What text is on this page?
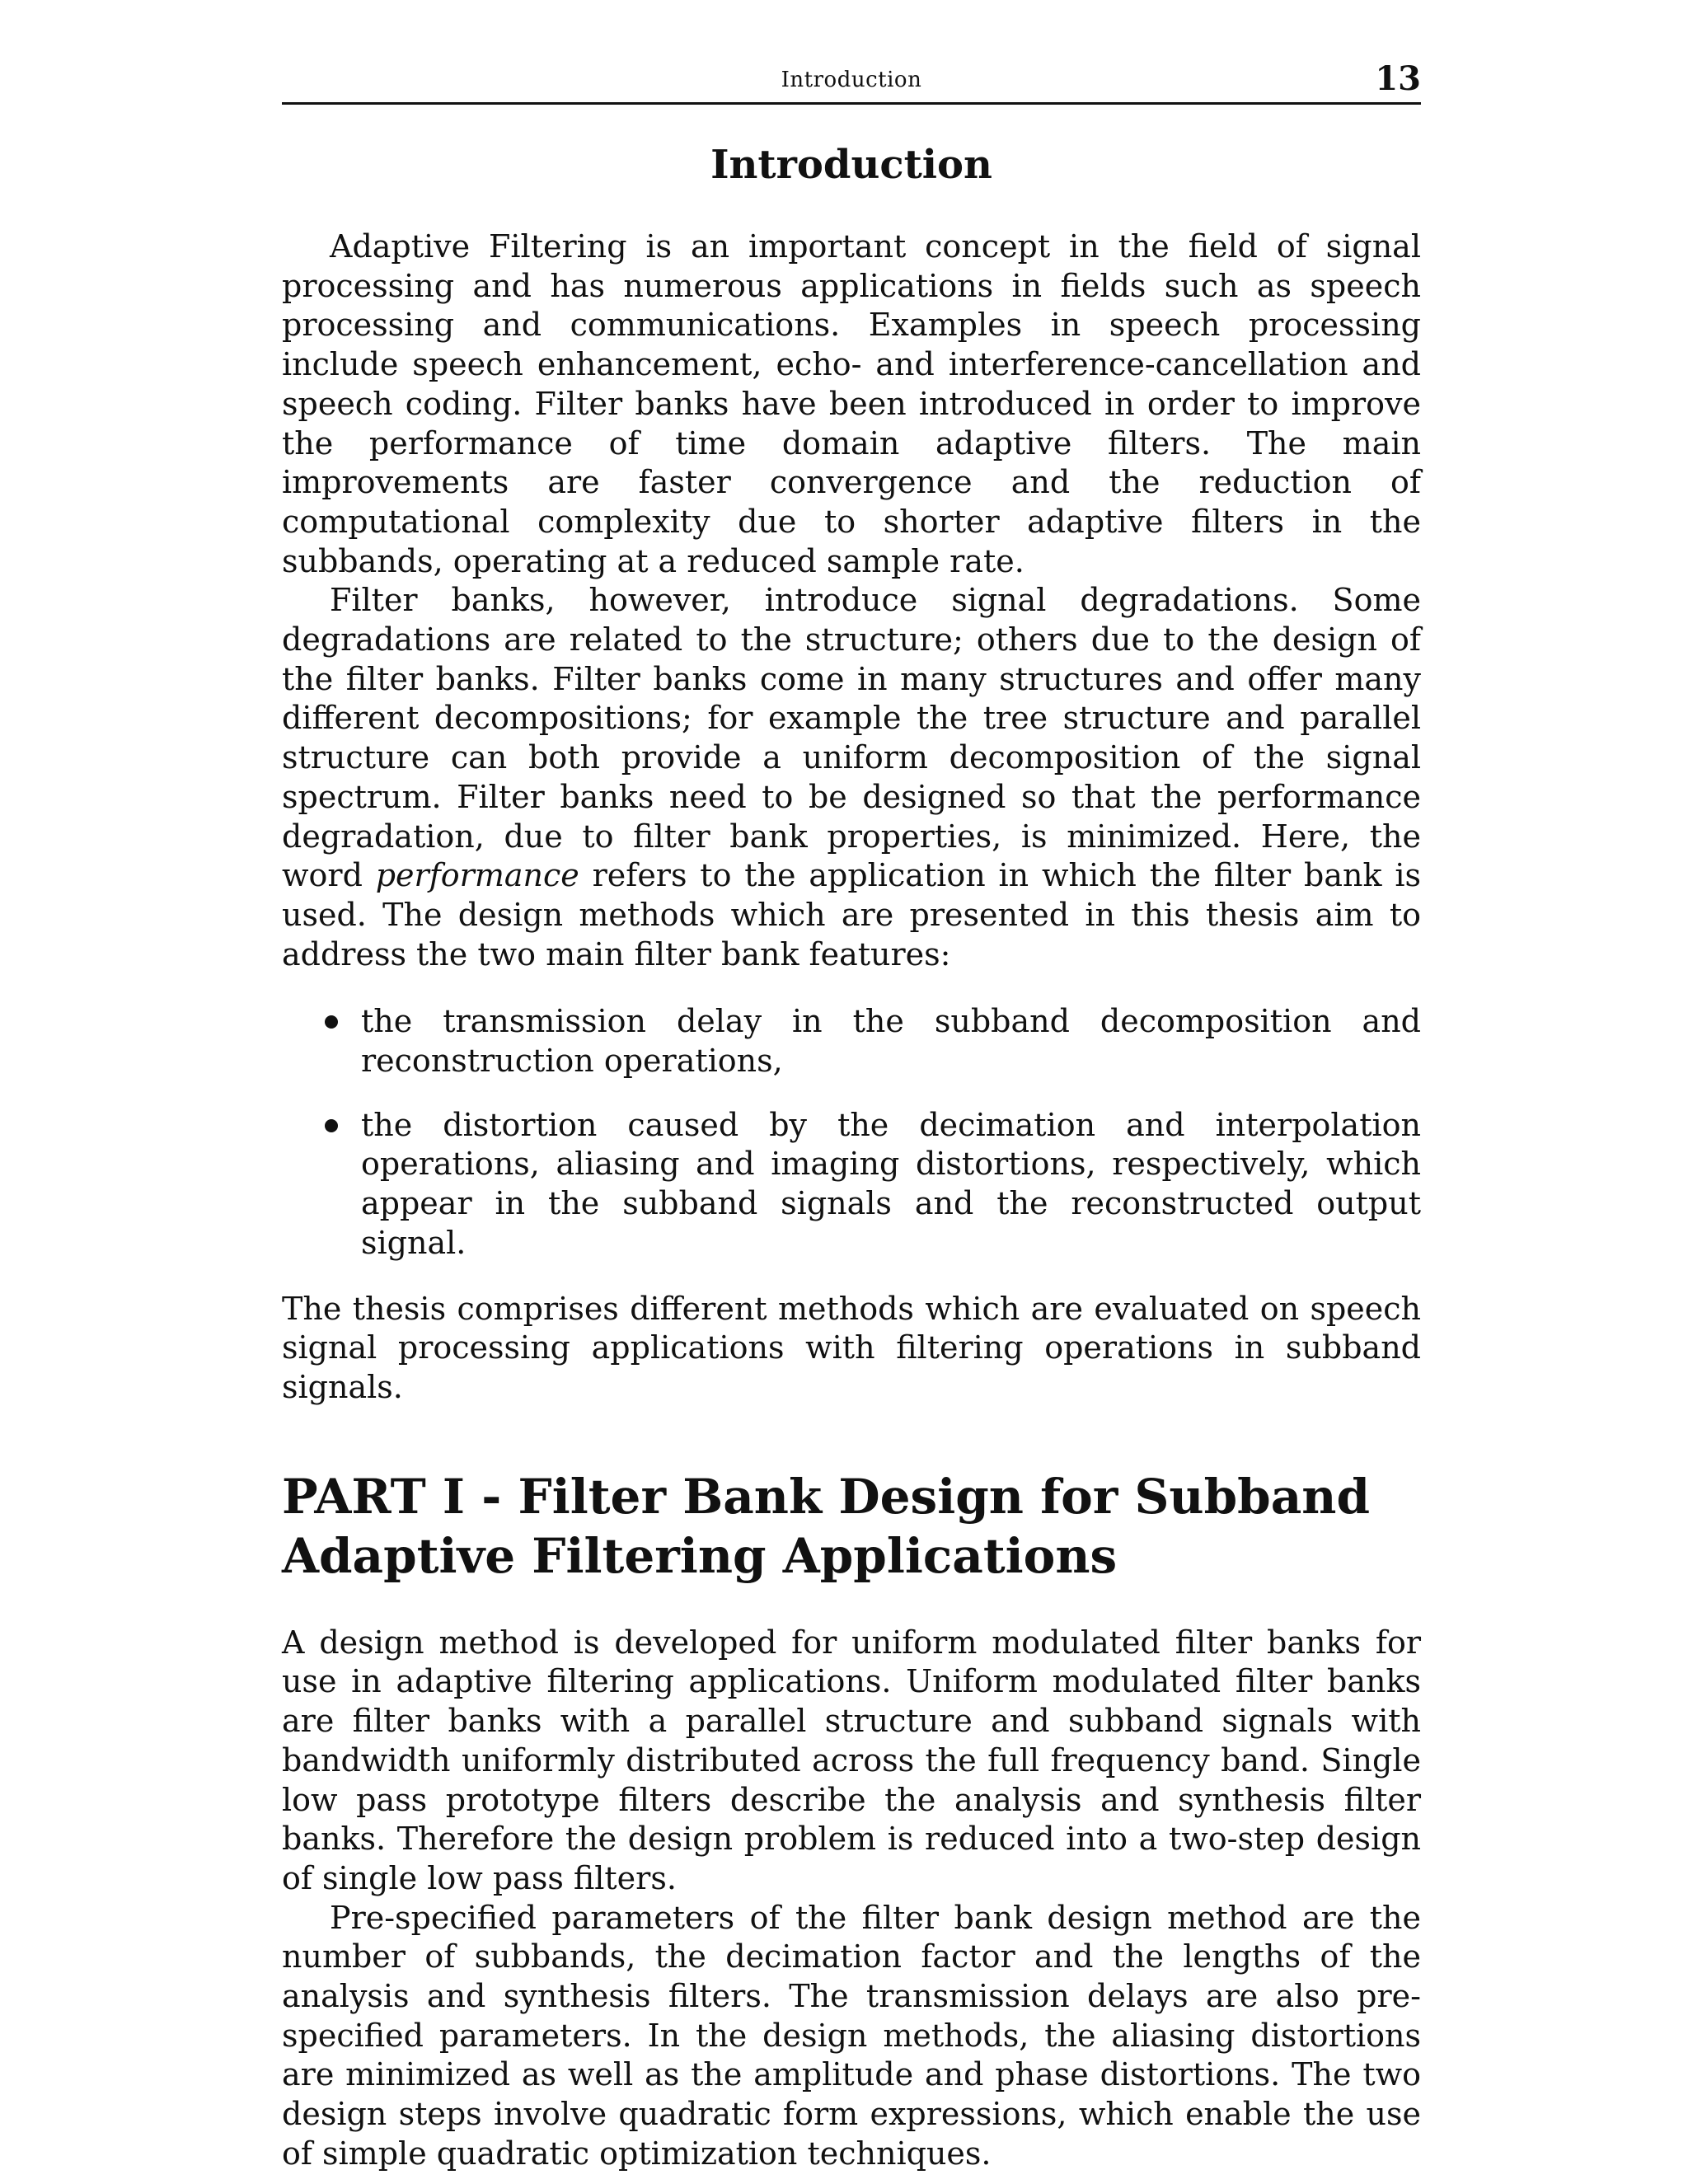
Introduction	13
Introduction

Adaptive Filtering is an important concept in the field of signal processing and has numerous applications in fields such as speech processing and communications. Examples in speech processing include speech enhancement, echo- and interference-cancellation and speech coding. Filter banks have been introduced in order to improve the performance of time domain adaptive filters. The main improvements are faster convergence and the reduction of computational complexity due to shorter adaptive filters in the subbands, operating at a reduced sample rate.

Filter banks, however, introduce signal degradations. Some degradations are related to the structure; others due to the design of the filter banks. Filter banks come in many structures and offer many different decompositions; for example the tree structure and parallel structure can both provide a uniform decomposition of the signal spectrum. Filter banks need to be designed so that the performance degradation, due to filter bank properties, is minimized. Here, the word performance refers to the application in which the filter bank is used. The design methods which are presented in this thesis aim to address the two main filter bank features:

the transmission delay in the subband decomposition and reconstruction operations,

the distortion caused by the decimation and interpolation operations, aliasing and imaging distortions, respectively, which appear in the subband signals and the reconstructed output signal.

The thesis comprises different methods which are evaluated on speech signal processing applications with filtering operations in subband signals.

PART I - Filter Bank Design for Subband Adaptive Filtering Applications

A design method is developed for uniform modulated filter banks for use in adaptive filtering applications. Uniform modulated filter banks are filter banks with a parallel structure and subband signals with bandwidth uniformly distributed across the full frequency band. Single low pass prototype filters describe the analysis and synthesis filter banks. Therefore the design problem is reduced into a two-step design of single low pass filters.

Pre-specified parameters of the filter bank design method are the number of subbands, the decimation factor and the lengths of the analysis and synthesis filters. The transmission delays are also pre-specified parameters. In the design methods, the aliasing distortions are minimized as well as the amplitude and phase distortions. The two design steps involve quadratic form expressions, which enable the use of simple quadratic optimization techniques.
